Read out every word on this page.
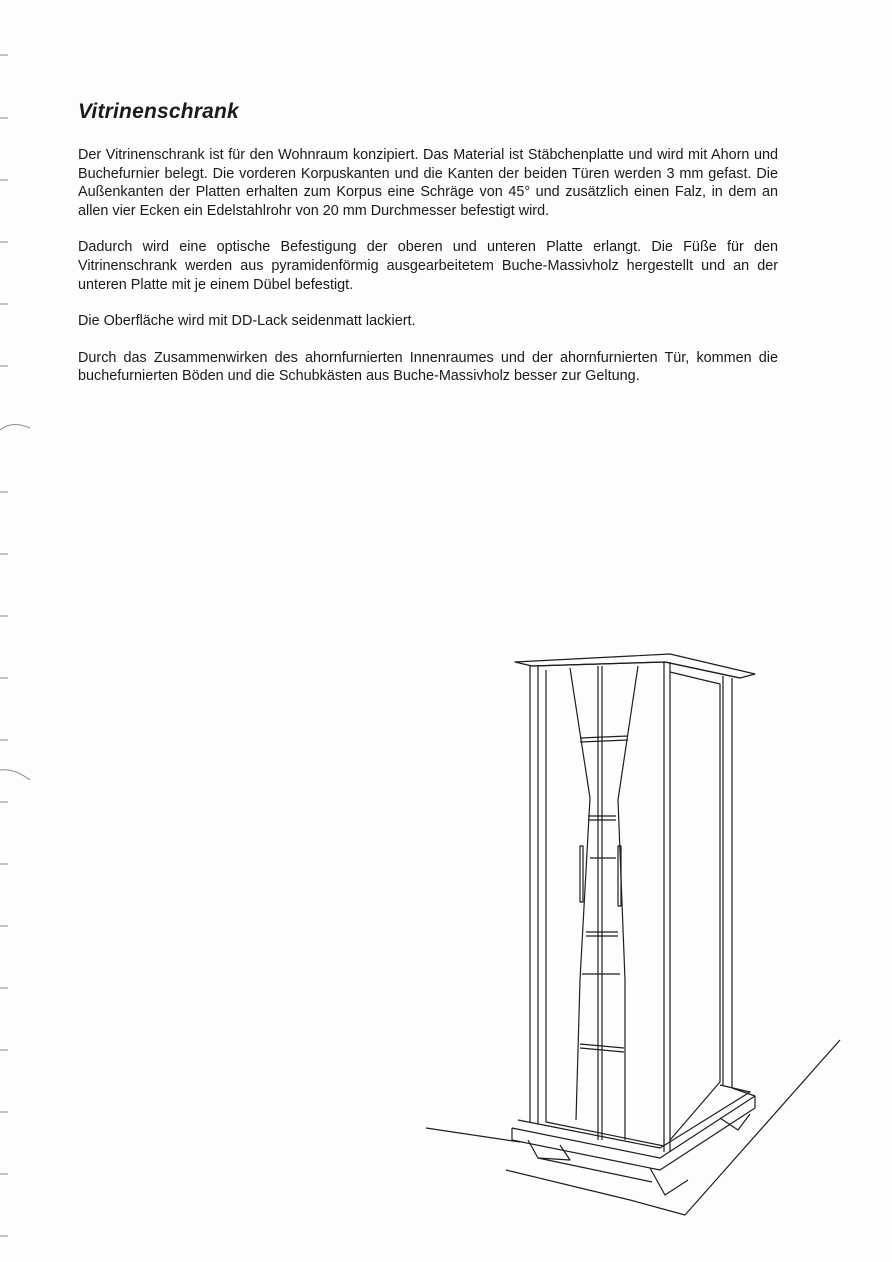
Vitrinenschrank

Der Vitrinenschrank ist für den Wohnraum konzipiert. Das Material ist Stäbchenplatte und wird mit Ahorn und Buchefurnier belegt. Die vorderen Korpuskanten und die Kanten der beiden Türen werden 3 mm gefast. Die Außenkanten der Platten erhalten zum Korpus eine Schräge von 45° und zusätzlich einen Falz, in dem an allen vier Ecken ein Edelstahlrohr von 20 mm Durchmesser befestigt wird.

Dadurch wird eine optische Befestigung der oberen und unteren Platte erlangt. Die Füße für den Vitrinenschrank werden aus pyramidenförmig ausgearbeitetem Buche-Massivholz hergestellt und an der unteren Platte mit je einem Dübel befestigt.

Die Oberfläche wird mit DD-Lack seidenmatt lackiert.

Durch das Zusammenwirken des ahornfurnierten Innenraumes und der ahornfurnierten Tür, kommen die buchefurnierten Böden und die Schubkästen aus Buche-Massivholz besser zur Geltung.
